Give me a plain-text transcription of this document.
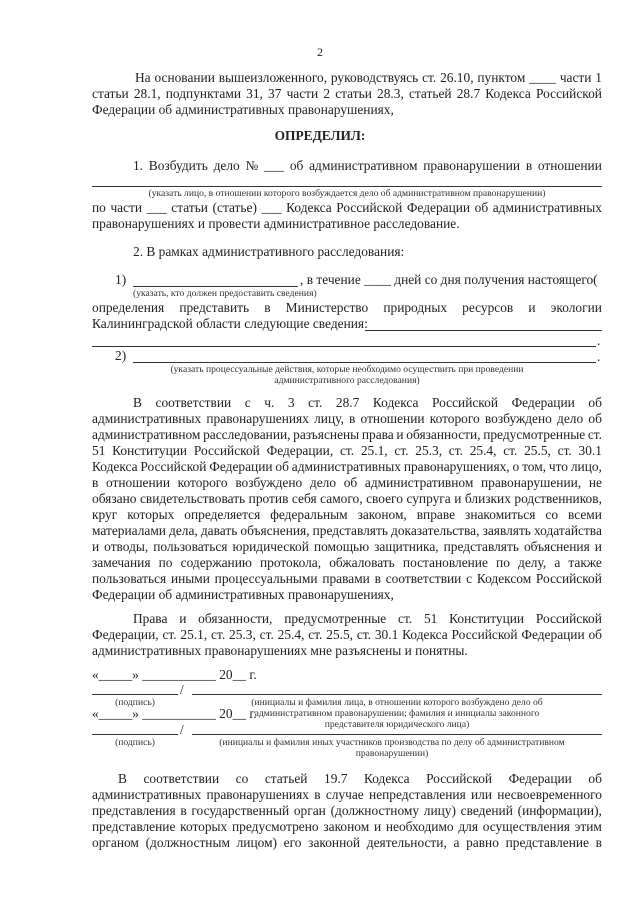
2
На основании вышеизложенного, руководствуясь ст. 26.10, пунктом ____ части 1
статьи 28.1, подпунктами 31, 37 части 2 статьи 28.3, статьей 28.7 Кодекса Российской
Федерации об административных правонарушениях,
ОПРЕДЕЛИЛ:
1. Возбудить дело № ___ об административном правонарушении в отношении
(указать лицо, в отношении которого возбуждается дело об административном правонарушении)
по части ___ статьи (статье) ___ Кодекса Российской Федерации об административных
правонарушениях и провести административное расследование.
2. В рамках административного расследования:
1)	, в течение ____ дней со дня получения настоящего(
(указать, кто должен предоставить сведения)
определения представить в Министерство природных ресурсов и экологии
Калининградской области следующие сведения:
.
2)	.
(указать процессуальные действия, которые необходимо осуществить при проведении
административного расследования)
В соответствии с ч. 3 ст. 28.7 Кодекса Российской Федерации об
административных правонарушениях лицу, в отношении которого возбуждено дело об
административном расследовании, разъяснены права и обязанности, предусмотренные ст.
51 Конституции Российской Федерации, ст. 25.1, ст. 25.3, ст. 25.4, ст. 25.5, ст. 30.1
Кодекса Российской Федерации об административных правонарушениях, о том, что лицо,
в отношении которого возбуждено дело об административном правонарушении, не
обязано свидетельствовать против себя самого, своего супруга и близких родственников,
круг которых определяется федеральным законом, вправе знакомиться со всеми
материалами дела, давать объяснения, представлять доказательства, заявлять ходатайства
и отводы, пользоваться юридической помощью защитника, представлять объяснения и
замечания по содержанию протокола, обжаловать постановление по делу, а также
пользоваться иными процессуальными правами в соответствии с Кодексом Российской
Федерации об административных правонарушениях,
Права и обязанности, предусмотренные ст. 51 Конституции Российской
Федерации, ст. 25.1, ст. 25.3, ст. 25.4, ст. 25.5, ст. 30.1 Кодекса Российской Федерации об
административных правонарушениях мне разъяснены и понятны.
«_____» ___________ 20__ г.
/
(подпись)	(инициалы и фамилия лица, в отношении которого возбуждено дело об
административном правонарушении; фамилия и инициалы законного
представителя юридического лица)
«_____» ___________ 20__ г.
/
(подпись)	(инициалы и фамилия иных участников производства по делу об административном
правонарушении)
В соответствии со статьей 19.7 Кодекса Российской Федерации об
административных правонарушениях в случае непредставления или несвоевременного
представления в государственный орган (должностному лицу) сведений (информации),
представление которых предусмотрено законом и необходимо для осуществления этим
органом (должностным лицом) его законной деятельности, а равно представление в
